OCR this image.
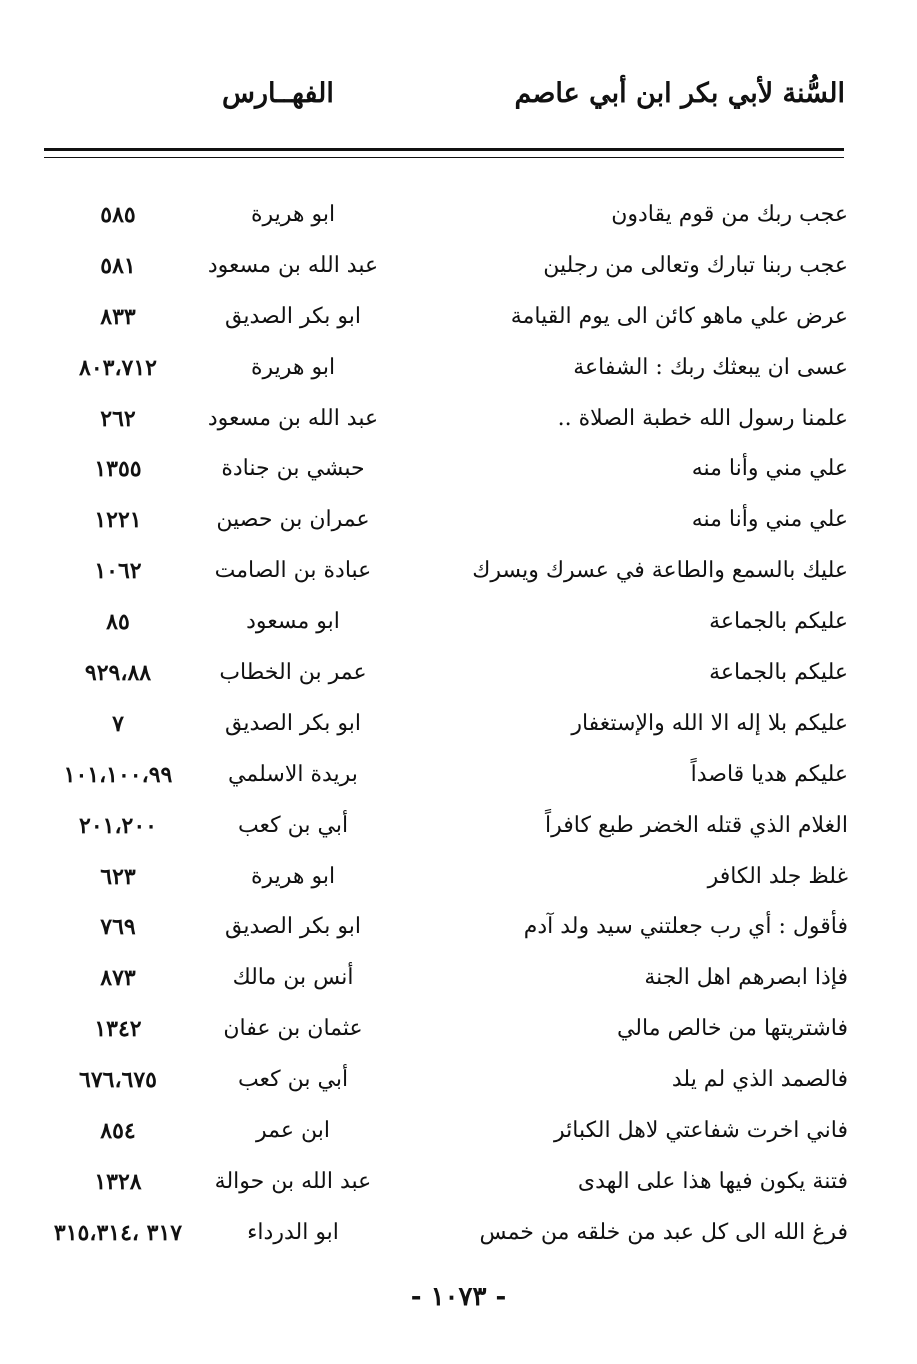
السُّنة لأبي بكر ابن أبي عاصم
الفهــارس
عجب ربك من قوم يقادون
ابو هريرة
٥٨٥
عجب ربنا تبارك وتعالى من رجلين
عبد الله بن مسعود
٥٨١
عرض علي ماهو كائن الى يوم القيامة
ابو بكر الصديق
٨٣٣
عسى ان يبعثك ربك : الشفاعة
ابو هريرة
٨٠٣،٧١٢
علمنا رسول الله خطبة الصلاة ..
عبد الله بن مسعود
٢٦٢
علي مني وأنا منه
حبشي بن جنادة
١٣٥٥
علي مني وأنا منه
عمران بن حصين
١٢٢١
عليك بالسمع والطاعة في عسرك ويسرك
عبادة بن الصامت
١٠٦٢
عليكم بالجماعة
ابو مسعود
٨٥
عليكم بالجماعة
عمر بن الخطاب
٩٢٩،٨٨
عليكم بلا إله الا الله والإستغفار
ابو بكر الصديق
٧
عليكم هديا قاصداً
بريدة الاسلمي
١٠١،١٠٠،٩٩
الغلام الذي قتله الخضر طبع كافراً
أبي بن كعب
٢٠١،٢٠٠
غلظ جلد الكافر
ابو هريرة
٦٢٣
فأقول : أي رب جعلتني سيد ولد آدم
ابو بكر الصديق
٧٦٩
فإذا ابصرهم اهل الجنة
أنس بن مالك
٨٧٣
فاشتريتها من خالص مالي
عثمان بن عفان
١٣٤٢
فالصمد الذي لم يلد
أبي بن كعب
٦٧٦،٦٧٥
فاني اخرت شفاعتي لاهل الكبائر
ابن عمر
٨٥٤
فتنة يكون فيها هذا على الهدى
عبد الله بن حوالة
١٣٢٨
فرغ الله الى كل عبد من خلقه من خمس
ابو الدرداء
٣١٧ ،٣١٥،٣١٤
- ١٠٧٣ -
